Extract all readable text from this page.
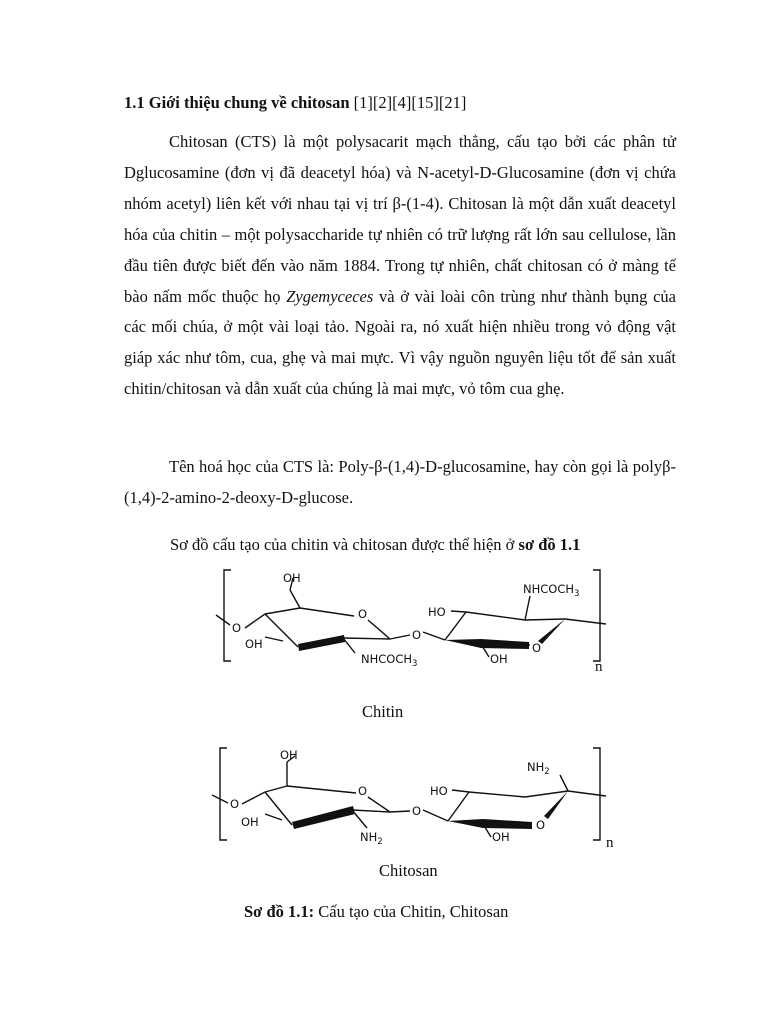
1.1 Giới thiệu chung về chitosan [1][2][4][15][21]

Chitosan (CTS) là một polysacarit mạch thẳng, cấu tạo bởi các phân tử Dglucosamine (đơn vị đã deacetyl hóa) và N-acetyl-D-Glucosamine (đơn vị chứa nhóm acetyl) liên kết với nhau tại vị trí β-(1-4). Chitosan là một dẫn xuất deacetyl hóa của chitin – một polysaccharide tự nhiên có trữ lượng rất lớn sau cellulose, lần đầu tiên được biết đến vào năm 1884. Trong tự nhiên, chất chitosan có ở màng tế bào nấm mốc thuộc họ Zygemyceces và ở vài loài côn trùng như thành bụng của các mối chúa, ở một vài loại tảo. Ngoài ra, nó xuất hiện nhiều trong vỏ động vật giáp xác như tôm, cua, ghẹ và mai mực. Vì vậy nguồn nguyên liệu tốt để sản xuất chitin/chitosan và dẫn xuất của chúng là mai mực, vỏ tôm cua ghẹ.

Tên hoá học của CTS là: Poly-β-(1,4)-D-glucosamine, hay còn gọi là polyβ-(1,4)-2-amino-2-deoxy-D-glucose.

Sơ đồ cấu tạo của chitin và chitosan được thể hiện ở sơ đồ 1.1
OH
O
O
O
OH
$NHCOCH_3$
$NHCOCH_3$
HO
O
OH	n
Chitin
OH
O
O
O
OH
$NH_2$
$NH_2$
HO
O
OH	n
Chitosan
Sơ đồ 1.1: Cấu tạo của Chitin, Chitosan
